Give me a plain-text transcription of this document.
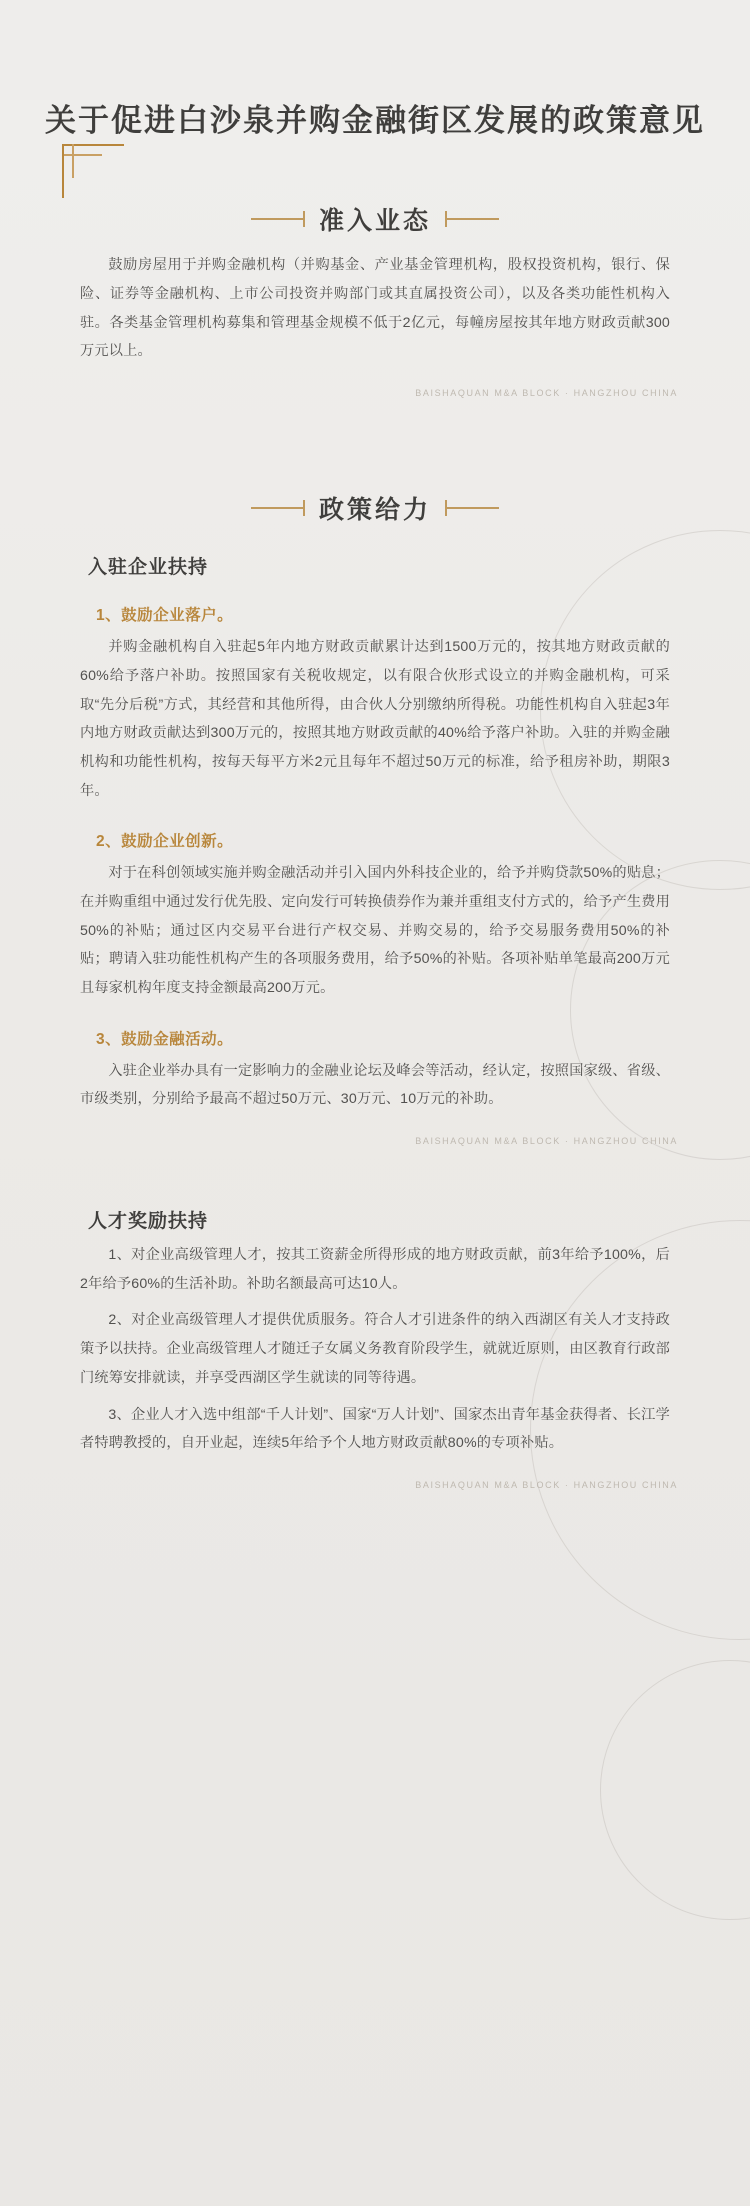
关于促进白沙泉并购金融街区发展的政策意见
准入业态

鼓励房屋用于并购金融机构（并购基金、产业基金管理机构，股权投资机构，银行、保险、证券等金融机构、上市公司投资并购部门或其直属投资公司），以及各类功能性机构入驻。各类基金管理机构募集和管理基金规模不低于2亿元，每幢房屋按其年地方财政贡献300万元以上。

BAISHAQUAN M&A BLOCK · HANGZHOU CHINA
政策给力
入驻企业扶持
1、鼓励企业落户。

并购金融机构自入驻起5年内地方财政贡献累计达到1500万元的，按其地方财政贡献的60%给予落户补助。按照国家有关税收规定，以有限合伙形式设立的并购金融机构，可采取“先分后税”方式，其经营和其他所得，由合伙人分别缴纳所得税。功能性机构自入驻起3年内地方财政贡献达到300万元的，按照其地方财政贡献的40%给予落户补助。入驻的并购金融机构和功能性机构，按每天每平方米2元且每年不超过50万元的标准，给予租房补助，期限3年。

2、鼓励企业创新。

对于在科创领域实施并购金融活动并引入国内外科技企业的，给予并购贷款50%的贴息；在并购重组中通过发行优先股、定向发行可转换债券作为兼并重组支付方式的，给予产生费用50%的补贴；通过区内交易平台进行产权交易、并购交易的，给予交易服务费用50%的补贴；聘请入驻功能性机构产生的各项服务费用，给予50%的补贴。各项补贴单笔最高200万元且每家机构年度支持金额最高200万元。

3、鼓励金融活动。

入驻企业举办具有一定影响力的金融业论坛及峰会等活动，经认定，按照国家级、省级、市级类别，分别给予最高不超过50万元、30万元、10万元的补助。

BAISHAQUAN M&A BLOCK · HANGZHOU CHINA
人才奖励扶持

1、对企业高级管理人才，按其工资薪金所得形成的地方财政贡献，前3年给予100%，后2年给予60%的生活补助。补助名额最高可达10人。

2、对企业高级管理人才提供优质服务。符合人才引进条件的纳入西湖区有关人才支持政策予以扶持。企业高级管理人才随迁子女属义务教育阶段学生，就就近原则，由区教育行政部门统筹安排就读，并享受西湖区学生就读的同等待遇。

3、企业人才入选中组部“千人计划”、国家“万人计划”、国家杰出青年基金获得者、长江学者特聘教授的，自开业起，连续5年给予个人地方财政贡献80%的专项补贴。

BAISHAQUAN M&A BLOCK · HANGZHOU CHINA
